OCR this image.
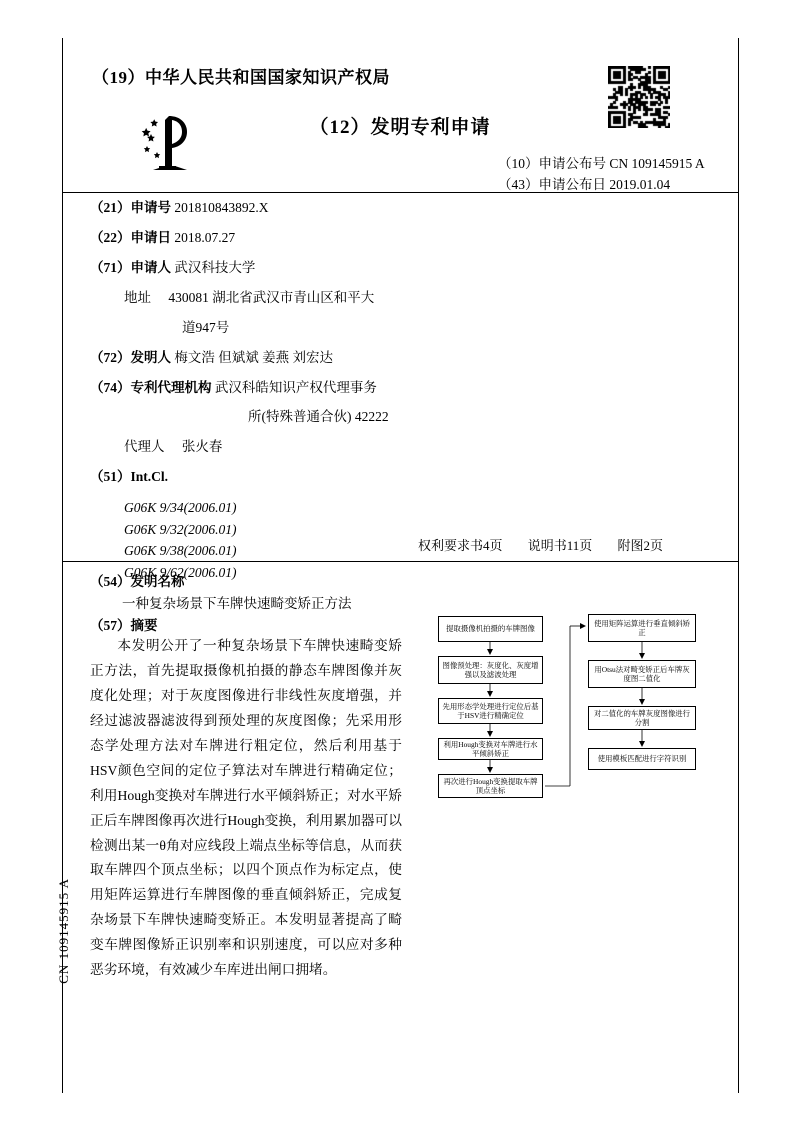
（19）中华人民共和国国家知识产权局
（12）发明专利申请
（10）申请公布号 CN 109145915 A
（43）申请公布日 2019.01.04
（21）申请号 201810843892.X
（22）申请日 2018.07.27
（71）申请人 武汉科技大学
地址 430081 湖北省武汉市青山区和平大
道947号
（72）发明人 梅文浩 但斌斌 姜燕 刘宏达
（74）专利代理机构 武汉科皓知识产权代理事务
所(特殊普通合伙) 42222
代理人 张火春
（51）Int.Cl.
G06K 9/34(2006.01)
G06K 9/32(2006.01)
G06K 9/38(2006.01)
G06K 9/62(2006.01)
权利要求书4页 说明书11页 附图2页
（54）发明名称
一种复杂场景下车牌快速畸变矫正方法
（57）摘要
本发明公开了一种复杂场景下车牌快速畸变矫正方法，首先提取摄像机拍摄的静态车牌图像并灰度化处理；对于灰度图像进行非线性灰度增强，并经过滤波器滤波得到预处理的灰度图像；先采用形态学处理方法对车牌进行粗定位，然后利用基于HSV颜色空间的定位子算法对车牌进行精确定位；利用Hough变换对车牌进行水平倾斜矫正；对水平矫正后车牌图像再次进行Hough变换，利用累加器可以检测出某一θ角对应线段上端点坐标等信息，从而获取车牌四个顶点坐标；以四个顶点作为标定点，使用矩阵运算进行车牌图像的垂直倾斜矫正，完成复杂场景下车牌快速畸变矫正。本发明显著提高了畸变车牌图像矫正识别率和识别速度，可以应对多种恶劣环境，有效减少车库进出闸口拥堵。
提取摄像机拍摄的车牌图像
图像预处理：灰度化、灰度增强以及滤波处理
先用形态学处理进行定位后基于HSV进行精确定位
利用Hough变换对车牌进行水平倾斜矫正
再次进行Hough变换提取车牌顶点坐标
使用矩阵运算进行垂直倾斜矫正
用Otsu法对畸变矫正后车牌灰度图二值化
对二值化的车牌灰度图像进行分割
使用模板匹配进行字符识别
CN 109145915 A
